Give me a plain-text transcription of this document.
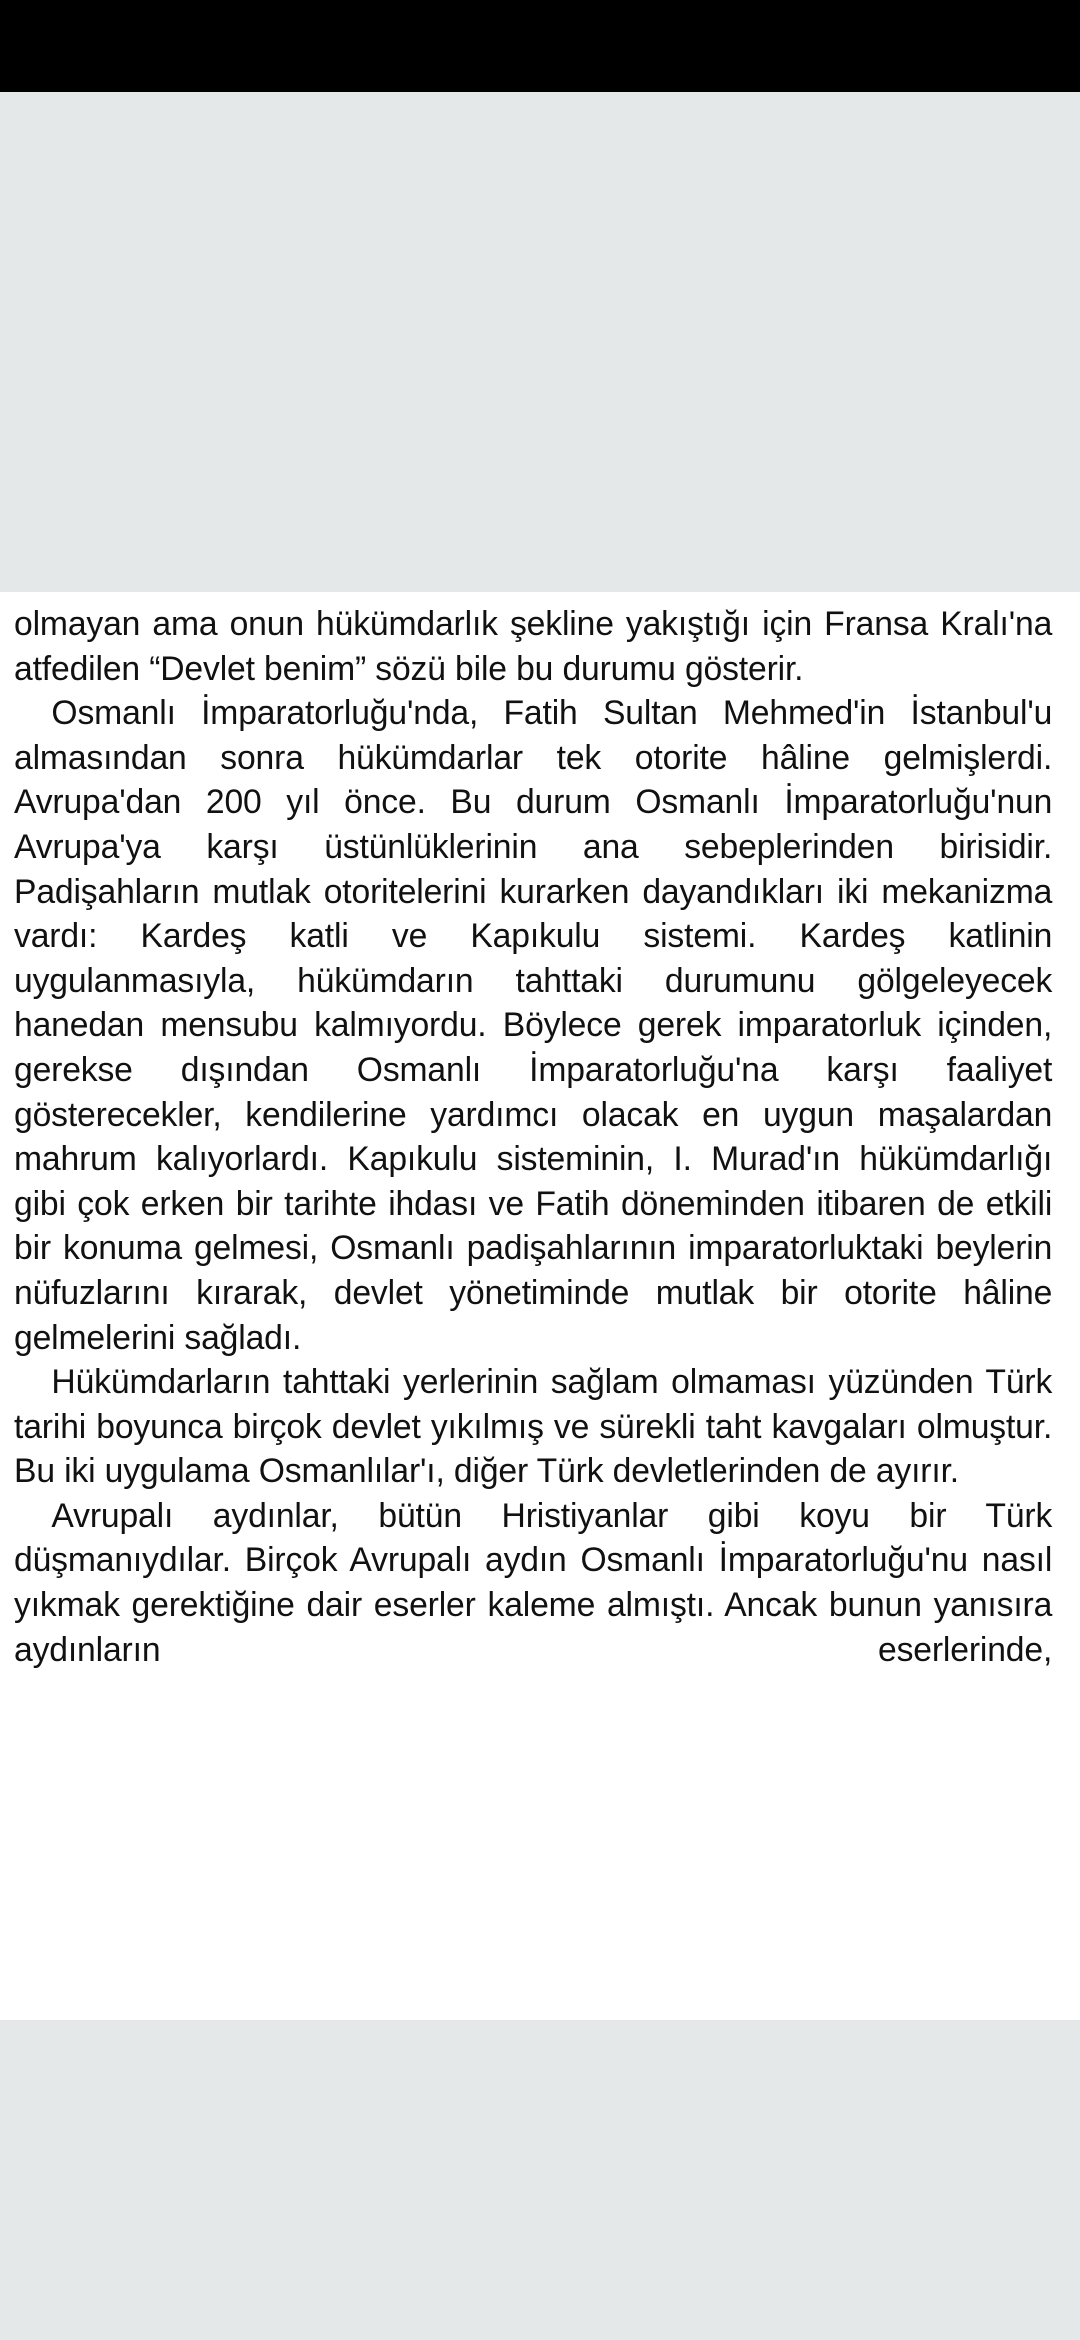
olmayan ama onun hükümdarlık şekline yakıştığı için Fransa Kralı'na atfedilen “Devlet benim” sözü bile bu durumu gösterir.

Osmanlı İmparatorluğu'nda, Fatih Sultan Mehmed'in İstanbul'u almasından sonra hükümdarlar tek otorite hâline gelmişlerdi. Avrupa'dan 200 yıl önce. Bu durum Osmanlı İmparatorluğu'nun Avrupa'ya karşı üstünlüklerinin ana sebeplerinden birisidir. Padişahların mutlak otoritelerini kurarken dayandıkları iki mekanizma vardı: Kardeş katli ve Kapıkulu sistemi. Kardeş katlinin uygulanmasıyla, hükümdarın tahttaki durumunu gölgeleyecek hanedan mensubu kalmıyordu. Böylece gerek imparatorluk içinden, gerekse dışından Osmanlı İmparatorluğu'na karşı faaliyet gösterecekler, kendilerine yardımcı olacak en uygun maşalardan mahrum kalıyorlardı. Kapıkulu sisteminin, I. Murad'ın hükümdarlığı gibi çok erken bir tarihte ihdası ve Fatih döneminden itibaren de etkili bir konuma gelmesi, Osmanlı padişahlarının imparatorluktaki beylerin nüfuzlarını kırarak, devlet yönetiminde mutlak bir otorite hâline gelmelerini sağladı.

Hükümdarların tahttaki yerlerinin sağlam olmaması yüzünden Türk tarihi boyunca birçok devlet yıkılmış ve sürekli taht kavgaları olmuştur. Bu iki uygulama Osmanlılar'ı, diğer Türk devletlerinden de ayırır.

Avrupalı aydınlar, bütün Hristiyanlar gibi koyu bir Türk düşmanıydılar. Birçok Avrupalı aydın Osmanlı İmparatorluğu'nu nasıl yıkmak gerektiğine dair eserler kaleme almıştı. Ancak bunun yanısıra aydınların eserlerinde,
